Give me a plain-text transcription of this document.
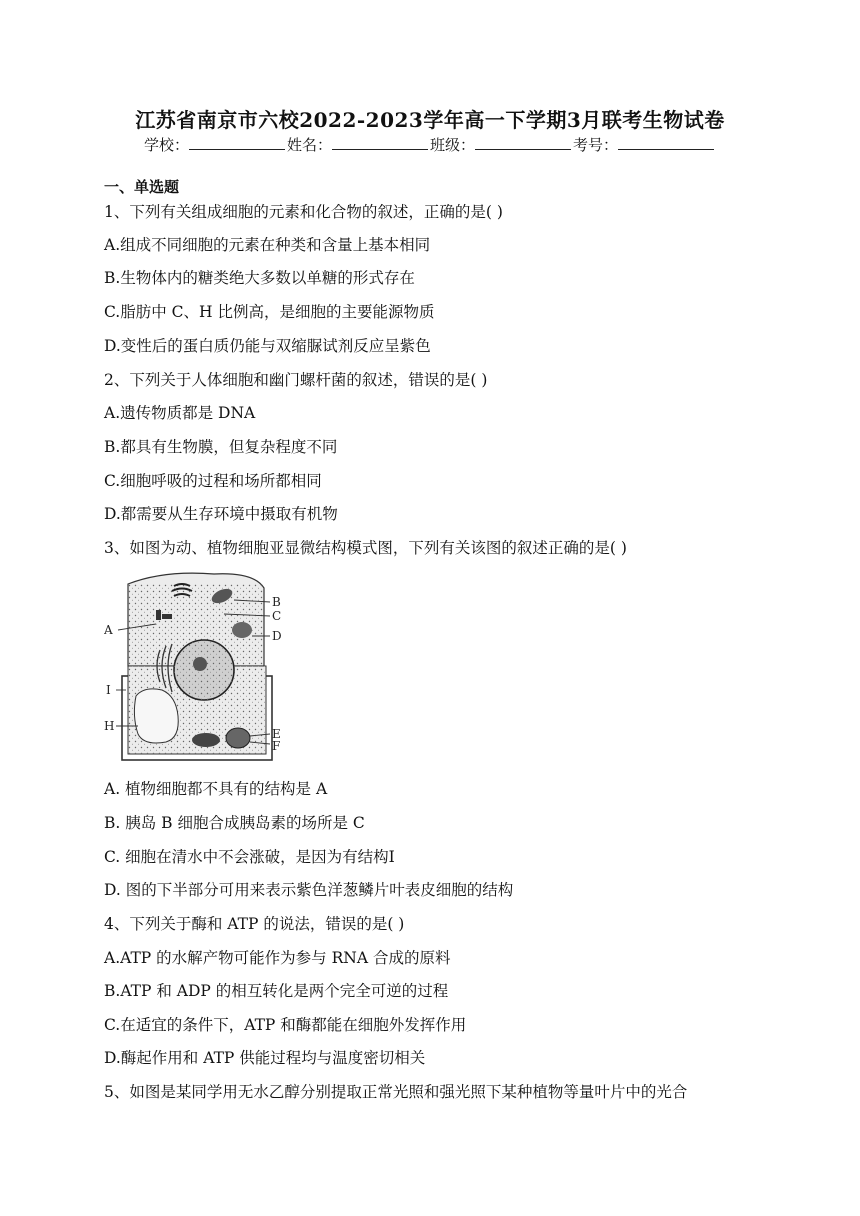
江苏省南京市六校2022-2023学年高一下学期3月联考生物试卷
学校：	姓名：	班级：	考号：
一、单选题
1、下列有关组成细胞的元素和化合物的叙述，正确的是( )
A.组成不同细胞的元素在种类和含量上基本相同
B.生物体内的糖类绝大多数以单糖的形式存在
C.脂肪中 C、H 比例高，是细胞的主要能源物质
D.变性后的蛋白质仍能与双缩脲试剂反应呈紫色
2、下列关于人体细胞和幽门螺杆菌的叙述，错误的是( )
A.遗传物质都是 DNA
B.都具有生物膜，但复杂程度不同
C.细胞呼吸的过程和场所都相同
D.都需要从生存环境中摄取有机物
3、如图为动、植物细胞亚显微结构模式图，下列有关该图的叙述正确的是( )
A
B
C
D
I
H
E
F
A. 植物细胞都不具有的结构是 A
B. 胰岛 B 细胞合成胰岛素的场所是 C
C. 细胞在清水中不会涨破，是因为有结构I
D. 图的下半部分可用来表示紫色洋葱鳞片叶表皮细胞的结构
4、下列关于酶和 ATP 的说法，错误的是( )
A.ATP 的水解产物可能作为参与 RNA 合成的原料
B.ATP 和 ADP 的相互转化是两个完全可逆的过程
C.在适宜的条件下，ATP 和酶都能在细胞外发挥作用
D.酶起作用和 ATP 供能过程均与温度密切相关
5、如图是某同学用无水乙醇分别提取正常光照和强光照下某种植物等量叶片中的光合
